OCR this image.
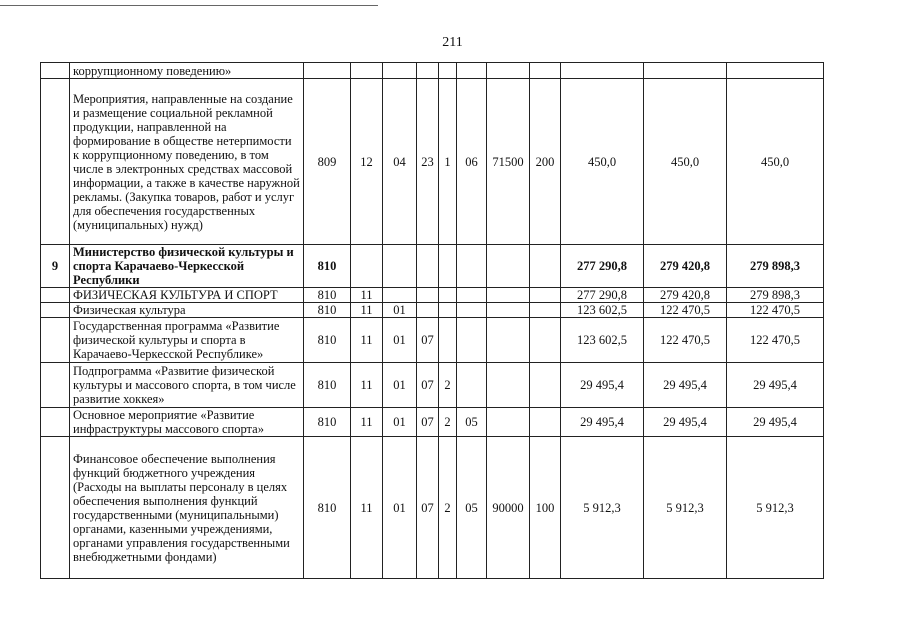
211
	коррупционному поведению»											
	Мероприятия, направленные на создание и размещение социальной рекламной продукции, направленной на формирование в обществе нетерпимости к коррупционному поведению, в том числе в электронных средствах массовой информации, а также в качестве наружной рекламы. (Закупка товаров, работ и услуг для обеспечения государственных (муниципальных) нужд)	809	12	04	23	1	06	71500	200	450,0	450,0	450,0
9	Министерство физической культуры и спорта Карачаево-Черкесской Республики	810								277 290,8	279 420,8	279 898,3
	ФИЗИЧЕСКАЯ КУЛЬТУРА И СПОРТ	810	11							277 290,8	279 420,8	279 898,3
	Физическая культура	810	11	01						123 602,5	122 470,5	122 470,5
	Государственная программа «Развитие физической культуры и спорта в Карачаево-Черкесской Республике»	810	11	01	07					123 602,5	122 470,5	122 470,5
	Подпрограмма «Развитие физической культуры и массового спорта, в том числе развитие хоккея»	810	11	01	07	2				29 495,4	29 495,4	29 495,4
	Основное мероприятие «Развитие инфраструктуры массового спорта»	810	11	01	07	2	05			29 495,4	29 495,4	29 495,4
	Финансовое обеспечение выполнения функций бюджетного учреждения (Расходы на выплаты персоналу в целях обеспечения выполнения функций государственными (муниципальными) органами, казенными учреждениями, органами управления государственными внебюджетными фондами)	810	11	01	07	2	05	90000	100	5 912,3	5 912,3	5 912,3
